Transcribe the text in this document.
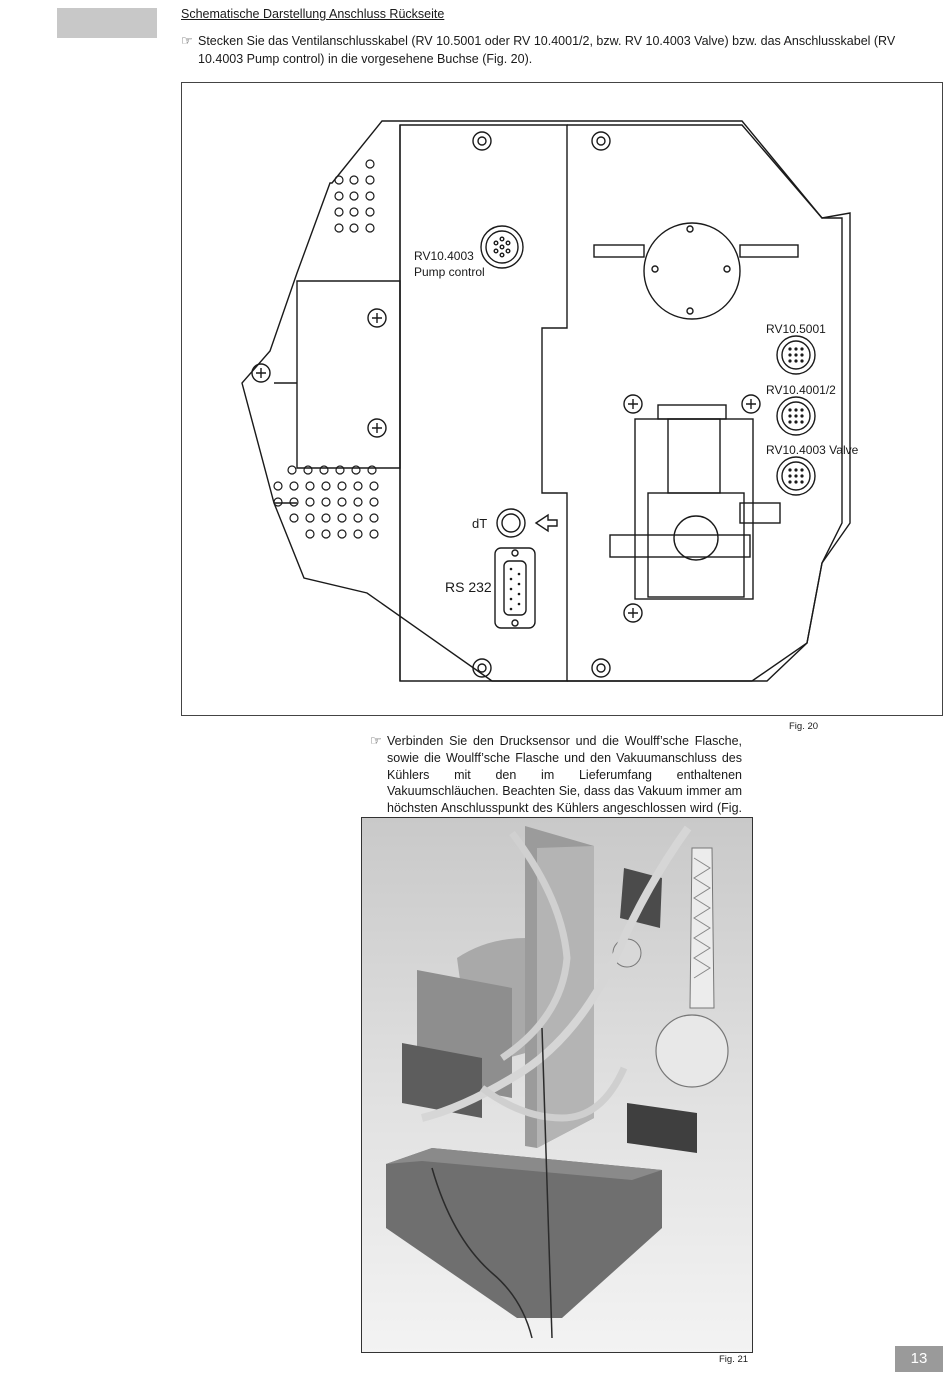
Schematische Darstellung Anschluss Rückseite
☞ Stecken Sie das Ventilanschlusskabel (RV 10.5001 oder RV 10.4001/2, bzw. RV 10.4003 Valve) bzw. das Anschlusskabel (RV 10.4003 Pump control) in die vorgesehene Buchse (Fig. 20).
RV10.4003
Pump control
RV10.5001
RV10.4001/2
RV10.4003 Valve
dT
RS 232
Fig. 20
☞ Verbinden Sie den Drucksensor und die Woulff’sche Flasche, sowie die Woulff’sche Flasche und den Vakuumanschluss des Kühlers mit den im Lieferumfang enthaltenen Vakuumschläuchen. Beachten Sie, dass das Vakuum immer am höchsten Anschlusspunkt des Kühlers angeschlossen wird (Fig.
Fig. 21	13
